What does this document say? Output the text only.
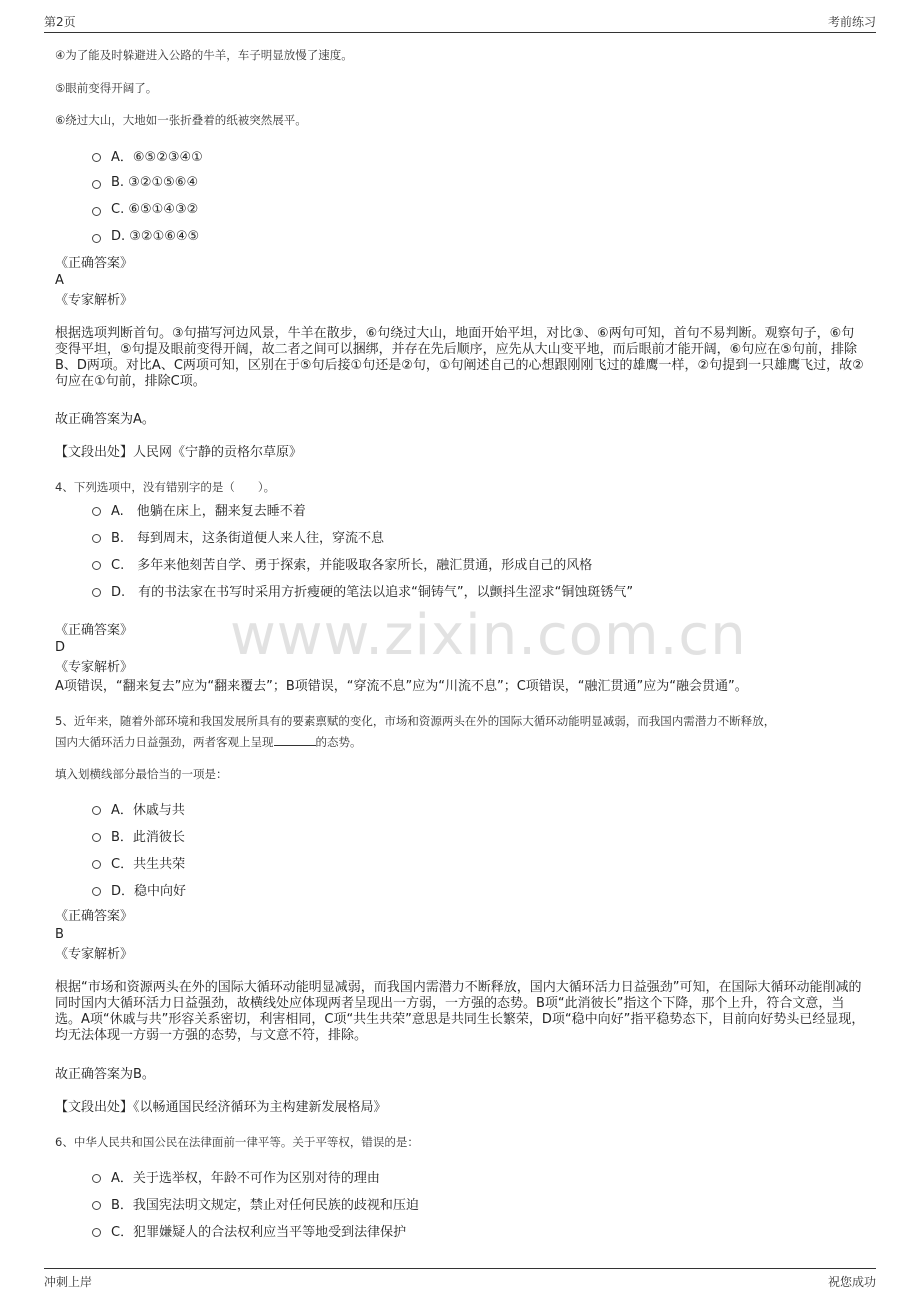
第2页	考前练习
www.zixin.com.cn
④为了能及时躲避进入公路的牛羊，车子明显放慢了速度。
⑤眼前变得开阔了。
⑥绕过大山，大地如一张折叠着的纸被突然展平。
A．⑥⑤②③④①
B. ③②①⑤⑥④
C. ⑥⑤①④③②
D. ③②①⑥④⑤
《正确答案》
A
《专家解析》
根据选项判断首句。③句描写河边风景，牛羊在散步，⑥句绕过大山，地面开始平坦，对比③、⑥两句可知，首句不易判断。观察句子，⑥句变得平坦，⑤句提及眼前变得开阔，故二者之间可以捆绑，并存在先后顺序，应先从大山变平地，而后眼前才能开阔，⑥句应在⑤句前，排除B、D两项。对比A、C两项可知，区别在于⑤句后接①句还是②句，①句阐述自己的心想跟刚刚飞过的雄鹰一样，②句提到一只雄鹰飞过，故②句应在①句前，排除C项。
故正确答案为A。
【文段出处】人民网《宁静的贡格尔草原》
4、下列选项中，没有错别字的是（　　）。
A.　他躺在床上，翻来复去睡不着
B.　每到周末，这条街道便人来人往，穿流不息
C.　多年来他刻苦自学、勇于探索，并能吸取各家所长，融汇贯通，形成自己的风格
D.　有的书法家在书写时采用方折瘦硬的笔法以追求“铜铸气”，以颤抖生涩求“铜蚀斑锈气”
《正确答案》
D
《专家解析》
A项错误，“翻来复去”应为“翻来覆去”；B项错误，“穿流不息”应为“川流不息”；C项错误，“融汇贯通”应为“融会贯通”。
5、近年来，随着外部环境和我国发展所具有的要素禀赋的变化，市场和资源两头在外的国际大循环动能明显减弱，而我国内需潜力不断释放，
国内大循环活力日益强劲，两者客观上呈现	的态势。
填入划横线部分最恰当的一项是：
A．休戚与共
B．此消彼长
C．共生共荣
D．稳中向好
《正确答案》
B
《专家解析》
根据“市场和资源两头在外的国际大循环动能明显减弱，而我国内需潜力不断释放，国内大循环活力日益强劲”可知，在国际大循环动能削减的同时国内大循环活力日益强劲，故横线处应体现两者呈现出一方弱，一方强的态势。B项“此消彼长”指这个下降，那个上升，符合文意，当选。A项“休戚与共”形容关系密切，利害相同，C项“共生共荣”意思是共同生长繁荣，D项“稳中向好”指平稳势态下，目前向好势头已经显现，均无法体现一方弱一方强的态势，与文意不符，排除。
故正确答案为B。
【文段出处】《以畅通国民经济循环为主构建新发展格局》
6、中华人民共和国公民在法律面前一律平等。关于平等权，错误的是：
A．关于选举权，年龄不可作为区别对待的理由
B．我国宪法明文规定，禁止对任何民族的歧视和压迫
C．犯罪嫌疑人的合法权利应当平等地受到法律保护
冲刺上岸	祝您成功
